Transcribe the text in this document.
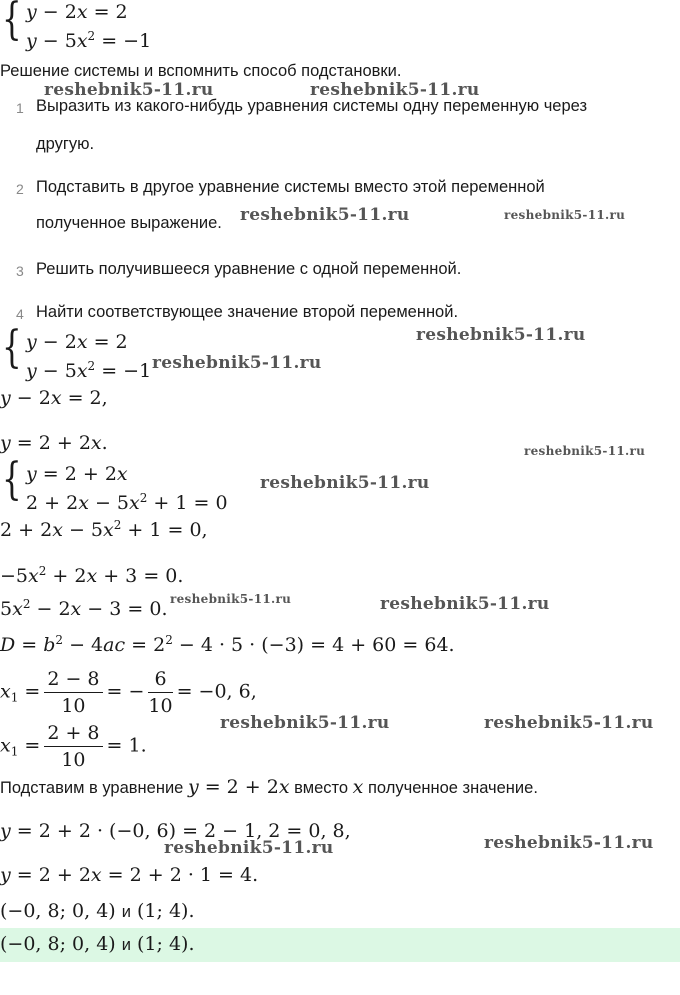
{ y − 2x = 2
$y - 5x^2 = -1$
Решение системы и вспомнить способ подстановки.
1 Выразить из какого-нибудь уравнения системы одну переменную через
другую.
2 Подставить в другое уравнение системы вместо этой переменной
полученное выражение.
3 Решить получившееся уравнение с одной переменной.
4 Найти соответствующее значение второй переменной.
{ y − 2x = 2
$y - 5x^2 = -1$
y − 2x = 2,
y = 2 + 2x.
{ y = 2 + 2x
$2 + 2x - 5x^2 + 1 = 0$
$2 + 2x - 5x^2 + 1 = 0$,
$-5x^2 + 2x + 3 = 0$.
$5x^2 - 2x - 3 = 0$.
$D = b^2 - 4ac = 2^2 - 4 \cdot 5 \cdot (-3) = 4 + 60 = 64$.
$x_1 = \frac{2 - 8}{10}$ = − $\frac{6}{10} = -0$, 6,
$x_1 = \frac{2 + 8}{10} = 1$.
Подставим в уравнение y = 2 + 2x вместо x полученное значение.
y = 2 + 2 · (−0, 6) = 2 − 1, 2 = 0, 8,
y = 2 + 2x = 2 + 2 · 1 = 4.
(−0, 8; 0, 4) и (1; 4).
(−0, 8; 0, 4) и (1; 4).
reshebnik5-11.ru	reshebnik5-11.ru
reshebnik5-11.ru	reshebnik5-11.ru
reshebnik5-11.ru
reshebnik5-11.ru
reshebnik5-11.ru
reshebnik5-11.ru
reshebnik5-11.ru	reshebnik5-11.ru
reshebnik5-11.ru	reshebnik5-11.ru
reshebnik5-11.ru
reshebnik5-11.ru
